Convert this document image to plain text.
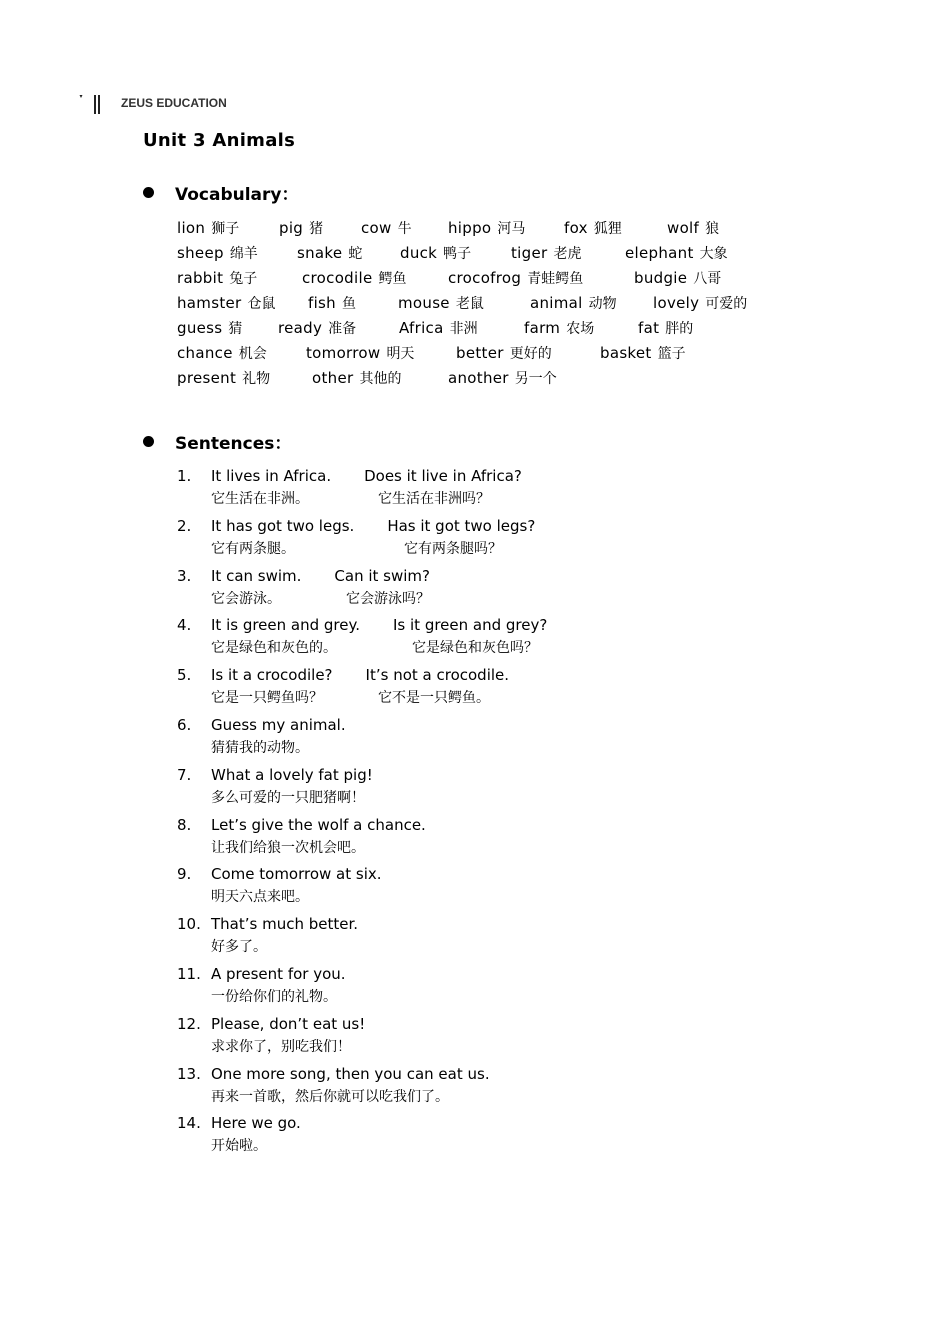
ZEUS EDUCATION
Unit 3 Animals
Vocabulary：
lion 狮子	pig 猪	cow 牛 hippo 河马	fox 狐狸	wolf 狼
sheep 绵羊	snake 蛇	duck 鸭子	tiger 老虎	elephant 大象
rabbit 兔子	crocodile 鳄鱼	crocofrog 青蛙鳄鱼	budgie 八哥
hamster 仓鼠 fish 鱼	mouse 老鼠	animal 动物 lovely 可爱的
guess 猜 ready 准备	Africa 非洲	farm 农场	fat 胖的
chance 机会	tomorrow 明天	better 更好的	basket 篮子
present 礼物	other 其他的	another 另一个
Sentences：
1. It lives in Africa. Does it live in Africa?
它生活在非洲。	它生活在非洲吗？
2. It has got two legs. Has it got two legs?
它有两条腿。	它有两条腿吗？
3. It can swim. Can it swim?
它会游泳。	它会游泳吗？
4. It is green and grey. Is it green and grey?
它是绿色和灰色的。	它是绿色和灰色吗？
5. Is it a crocodile? It’s not a crocodile.
它是一只鳄鱼吗？	它不是一只鳄鱼。
6. Guess my animal.
猜猜我的动物。
7. What a lovely fat pig!
多么可爱的一只肥猪啊！
8. Let’s give the wolf a chance.
让我们给狼一次机会吧。
9. Come tomorrow at six.
明天六点来吧。
10. That’s much better.
好多了。
11. A present for you.
一份给你们的礼物。
12. Please, don’t eat us!
求求你了，别吃我们！
13. One more song, then you can eat us.
再来一首歌，然后你就可以吃我们了。
14. Here we go.
开始啦。
